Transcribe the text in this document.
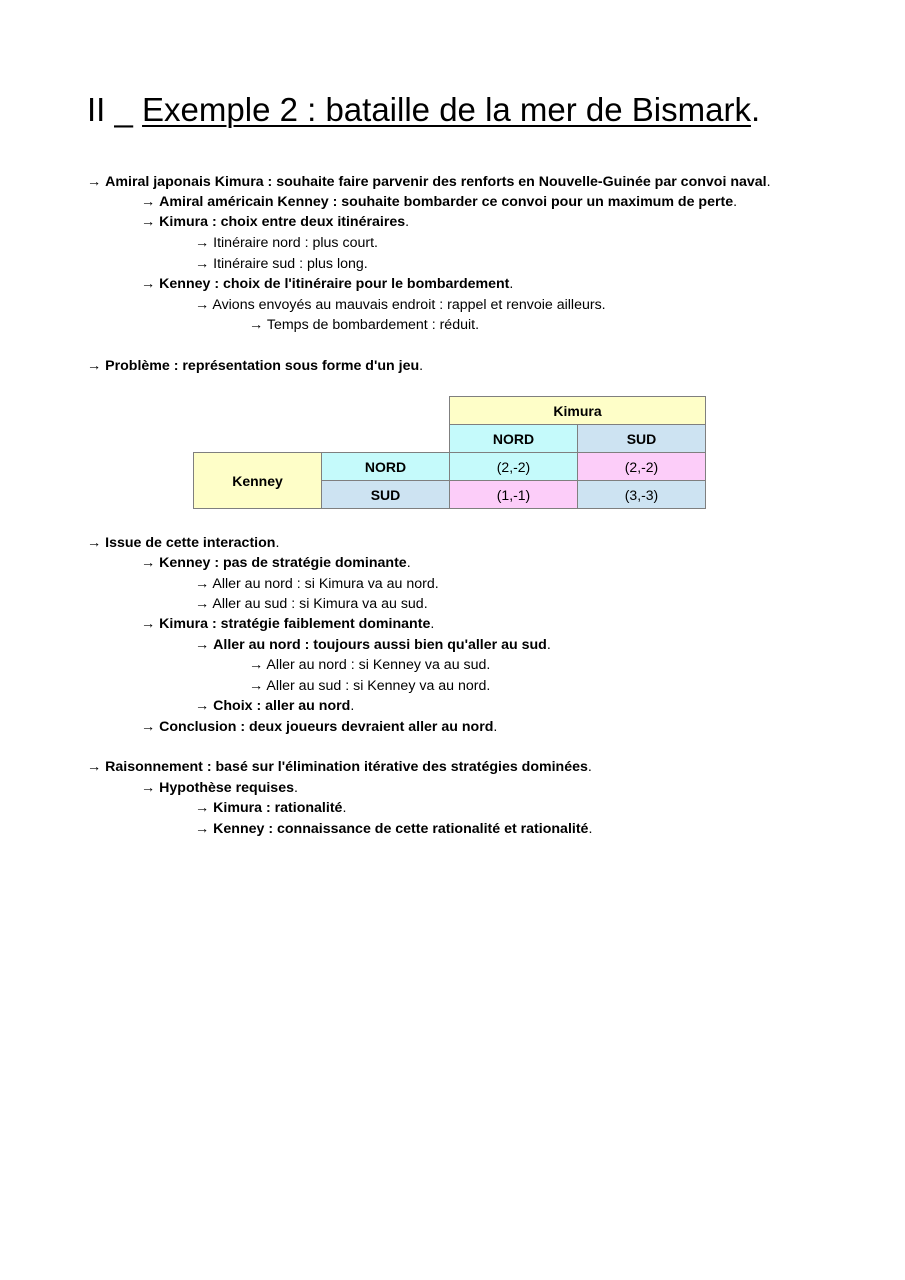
II _ Exemple 2 : bataille de la mer de Bismark.
→ Amiral japonais Kimura : souhaite faire parvenir des renforts en Nouvelle-Guinée par convoi naval.
→ Amiral américain Kenney : souhaite bombarder ce convoi pour un maximum de perte.
→ Kimura : choix entre deux itinéraires.
→ Itinéraire nord : plus court.
→ Itinéraire sud : plus long.
→ Kenney : choix de l'itinéraire pour le bombardement.
→ Avions envoyés au mauvais endroit : rappel et renvoie ailleurs.
→ Temps de bombardement : réduit.
→ Problème : représentation sous forme d'un jeu.
		Kimura	
		NORD	SUD
Kenney	NORD	(2,-2)	(2,-2)
	SUD	(1,-1)	(3,-3)
→ Issue de cette interaction.
→ Kenney : pas de stratégie dominante.
→ Aller au nord : si Kimura va au nord.
→ Aller au sud : si Kimura va au sud.
→ Kimura : stratégie faiblement dominante.
→ Aller au nord : toujours aussi bien qu'aller au sud.
→ Aller au nord : si Kenney va au sud.
→ Aller au sud : si Kenney va au nord.
→ Choix : aller au nord.
→ Conclusion : deux joueurs devraient aller au nord.
→ Raisonnement : basé sur l'élimination itérative des stratégies dominées.
→ Hypothèse requises.
→ Kimura : rationalité.
→ Kenney : connaissance de cette rationalité et rationalité.
